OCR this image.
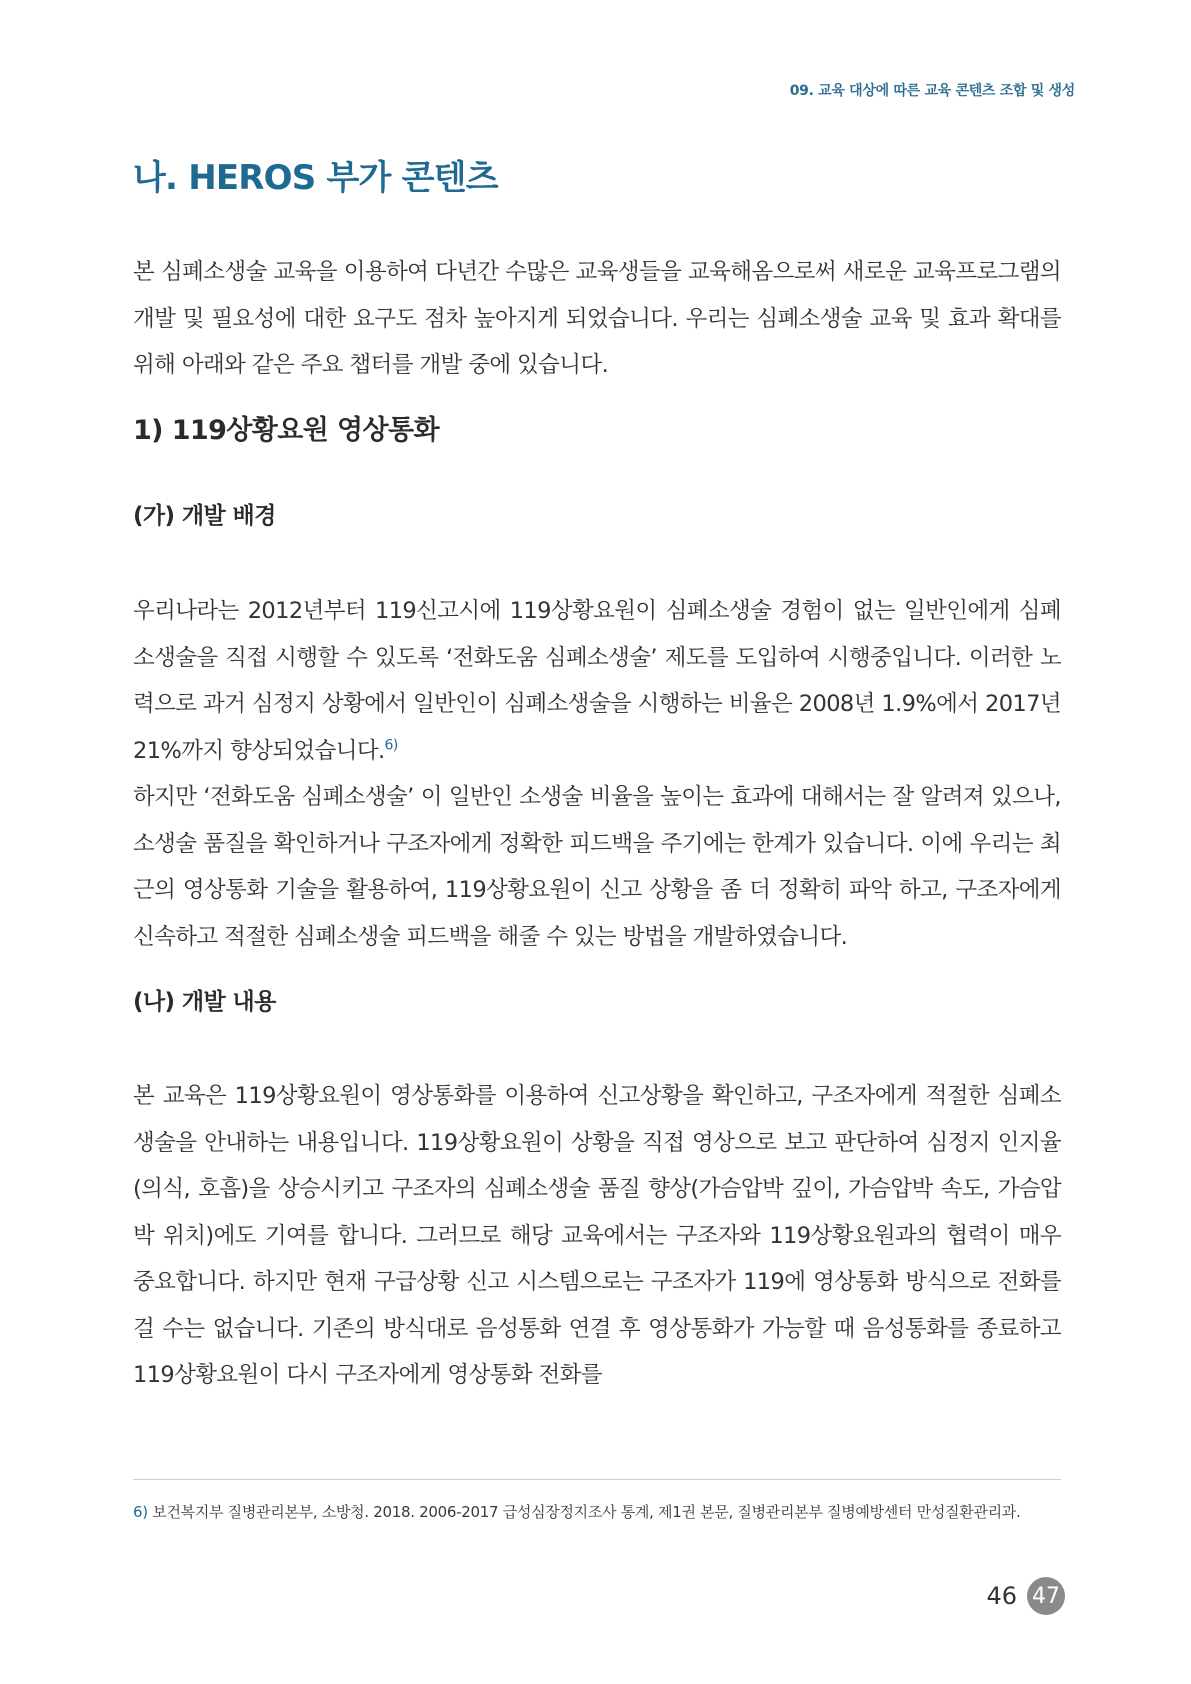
09. 교육 대상에 따른 교육 콘텐츠 조합 및 생성
나. HEROS 부가 콘텐츠

본 심폐소생술 교육을 이용하여 다년간 수많은 교육생들을 교육해옴으로써 새로운 교육프로그램의 개발 및 필요성에 대한 요구도 점차 높아지게 되었습니다. 우리는 심폐소생술 교육 및 효과 확대를 위해 아래와 같은 주요 챕터를 개발 중에 있습니다.

1) 119상황요원 영상통화
(가) 개발 배경

우리나라는 2012년부터 119신고시에 119상황요원이 심폐소생술 경험이 없는 일반인에게 심폐소생술을 직접 시행할 수 있도록 ‘전화도움 심폐소생술’ 제도를 도입하여 시행중입니다. 이러한 노력으로 과거 심정지 상황에서 일반인이 심폐소생술을 시행하는 비율은 2008년 1.9%에서 2017년 21%까지 향상되었습니다.$^{6)}$

하지만 ‘전화도움 심폐소생술’ 이 일반인 소생술 비율을 높이는 효과에 대해서는 잘 알려져 있으나, 소생술 품질을 확인하거나 구조자에게 정확한 피드백을 주기에는 한계가 있습니다. 이에 우리는 최근의 영상통화 기술을 활용하여, 119상황요원이 신고 상황을 좀 더 정확히 파악 하고, 구조자에게 신속하고 적절한 심폐소생술 피드백을 해줄 수 있는 방법을 개발하였습니다.

(나) 개발 내용

본 교육은 119상황요원이 영상통화를 이용하여 신고상황을 확인하고, 구조자에게 적절한 심폐소생술을 안내하는 내용입니다. 119상황요원이 상황을 직접 영상으로 보고 판단하여 심정지 인지율(의식, 호흡)을 상승시키고 구조자의 심폐소생술 품질 향상(가슴압박 깊이, 가슴압박 속도, 가슴압박 위치)에도 기여를 합니다. 그러므로 해당 교육에서는 구조자와 119상황요원과의 협력이 매우 중요합니다. 하지만 현재 구급상황 신고 시스템으로는 구조자가 119에 영상통화 방식으로 전화를 걸 수는 없습니다. 기존의 방식대로 음성통화 연결 후 영상통화가 가능할 때 음성통화를 종료하고 119상황요원이 다시 구조자에게 영상통화 전화를

6) 보건복지부 질병관리본부, 소방청. 2018. 2006-2017 급성심장정지조사 통계, 제1권 본문, 질병관리본부 질병예방센터 만성질환관리과.
46 47
